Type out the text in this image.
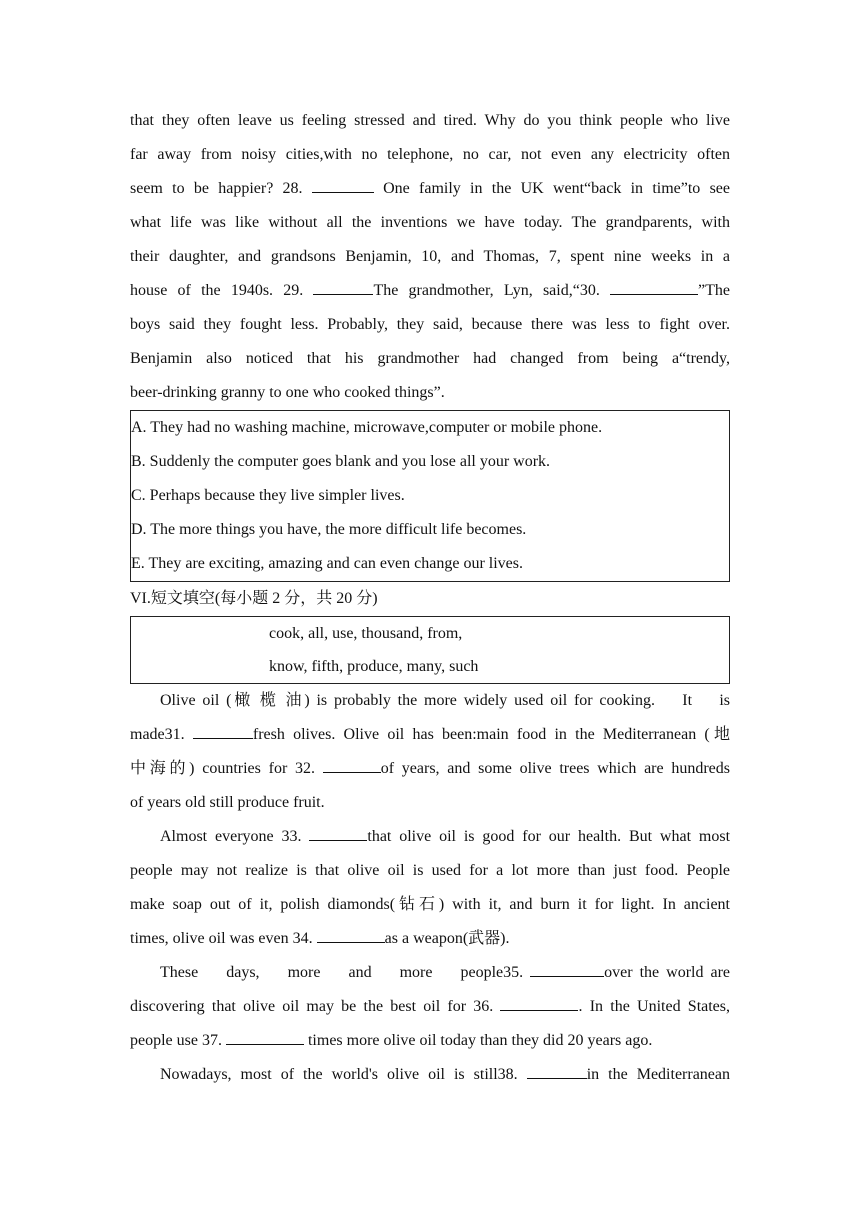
that they often leave us feeling stressed and tired. Why do you think people who live

far away from noisy cities,with no telephone, no car, not even any electricity often

seem to be happier? 28.	One family in the UK went“back in time”to see

what life was like without all the inventions we have today. The grandparents, with

their daughter, and grandsons Benjamin, 10, and Thomas, 7, spent nine weeks in a

house of the 1940s. 29.	The grandmother, Lyn, said,“30.	”The

boys said they fought less. Probably, they said, because there was less to fight over.

Benjamin also noticed that his grandmother had changed from being a“trendy,

beer-drinking granny to one who cooked things”.

A. They had no washing machine, microwave,computer or mobile phone.

B. Suddenly the computer goes blank and you lose all your work.

C. Perhaps because they live simpler lives.

D. The more things you have, the more difficult life becomes.

E. They are exciting, amazing and can even change our lives.

VI.短文填空(每小题 2 分，共 20 分)

cook, all, use, thousand, from,

know, fifth, produce, many, such

Olive oil (橄 榄 油) is probably the more widely used oil for cooking.    It    is

made31.	fresh olives. Olive oil has been:main food in the Mediterranean (地

中海的) countries for 32.	of years, and some olive trees which are hundreds

of years old still produce fruit.

Almost everyone 33.	that olive oil is good for our health. But what most

people may not realize is that olive oil is used for a lot more than just food. People

make soap out of it, polish diamonds(钻石) with it, and burn it for light. In ancient

times, olive oil was even 34.	as a weapon(武器).

These    days,    more    and    more    people35.	over the world are

discovering that olive oil may be the best oil for 36.	. In the United States,

people use 37.	times more olive oil today than they did 20 years ago.

Nowadays, most of the world's olive oil is still38.	in the Mediterranean
